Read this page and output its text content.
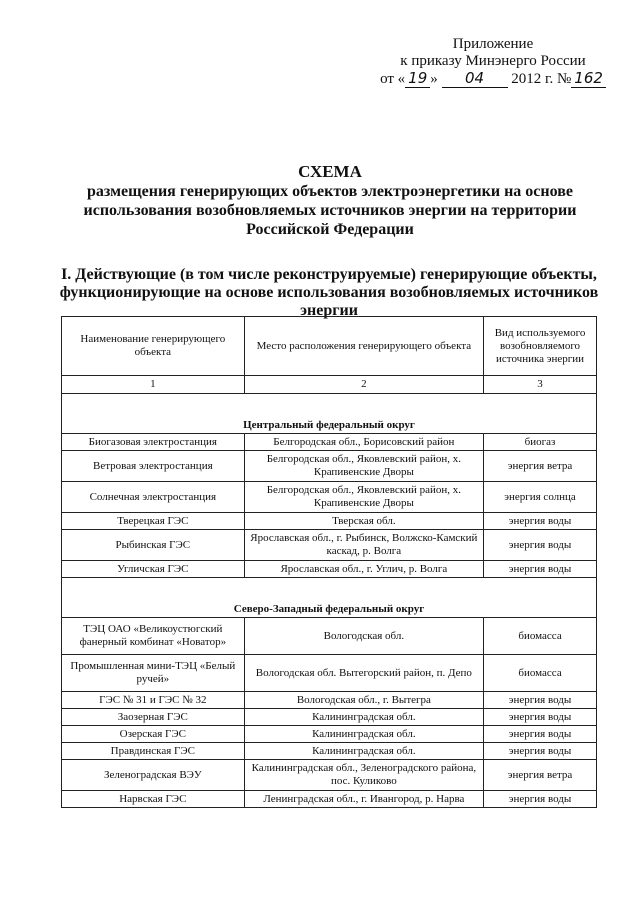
Приложение
к приказу Минэнерго России
от « 19 » 04 2012 г. № 162
СХЕМА
размещения генерирующих объектов электроэнергетики на основе использования возобновляемых источников энергии на территории Российской Федерации
I. Действующие (в том числе реконструируемые) генерирующие объекты, функционирующие на основе использования возобновляемых источников энергии
Наименование генерирующего объекта	Место расположения генерирующего объекта	Вид используемого возобновляемого источника энергии
1	2	3
Центральный федеральный округ		
Биогазовая электростанция	Белгородская обл., Борисовский район	биогаз
Ветровая электростанция	Белгородская обл., Яковлевский район, х. Крапивенские Дворы	энергия ветра
Солнечная электростанция	Белгородская обл., Яковлевский район, х. Крапивенские Дворы	энергия солнца
Тверецкая ГЭС	Тверская обл.	энергия воды
Рыбинская ГЭС	Ярославская обл., г. Рыбинск, Волжско-Камский каскад, р. Волга	энергия воды
Угличская ГЭС	Ярославская обл., г. Углич, р. Волга	энергия воды
Северо-Западный федеральный округ		
ТЭЦ ОАО «Великоустюгский фанерный комбинат «Новатор»	Вологодская обл.	биомасса
Промышленная мини-ТЭЦ «Белый ручей»	Вологодская обл. Вытегорский район, п. Депо	биомасса
ГЭС № 31 и ГЭС № 32	Вологодская обл., г. Вытегра	энергия воды
Заозерная ГЭС	Калининградская обл.	энергия воды
Озерская ГЭС	Калининградская обл.	энергия воды
Правдинская ГЭС	Калининградская обл.	энергия воды
Зеленоградская ВЭУ	Калининградская обл., Зеленоградского района, пос. Куликово	энергия ветра
Нарвская ГЭС	Ленинградская обл., г. Ивангород, р. Нарва	энергия воды
